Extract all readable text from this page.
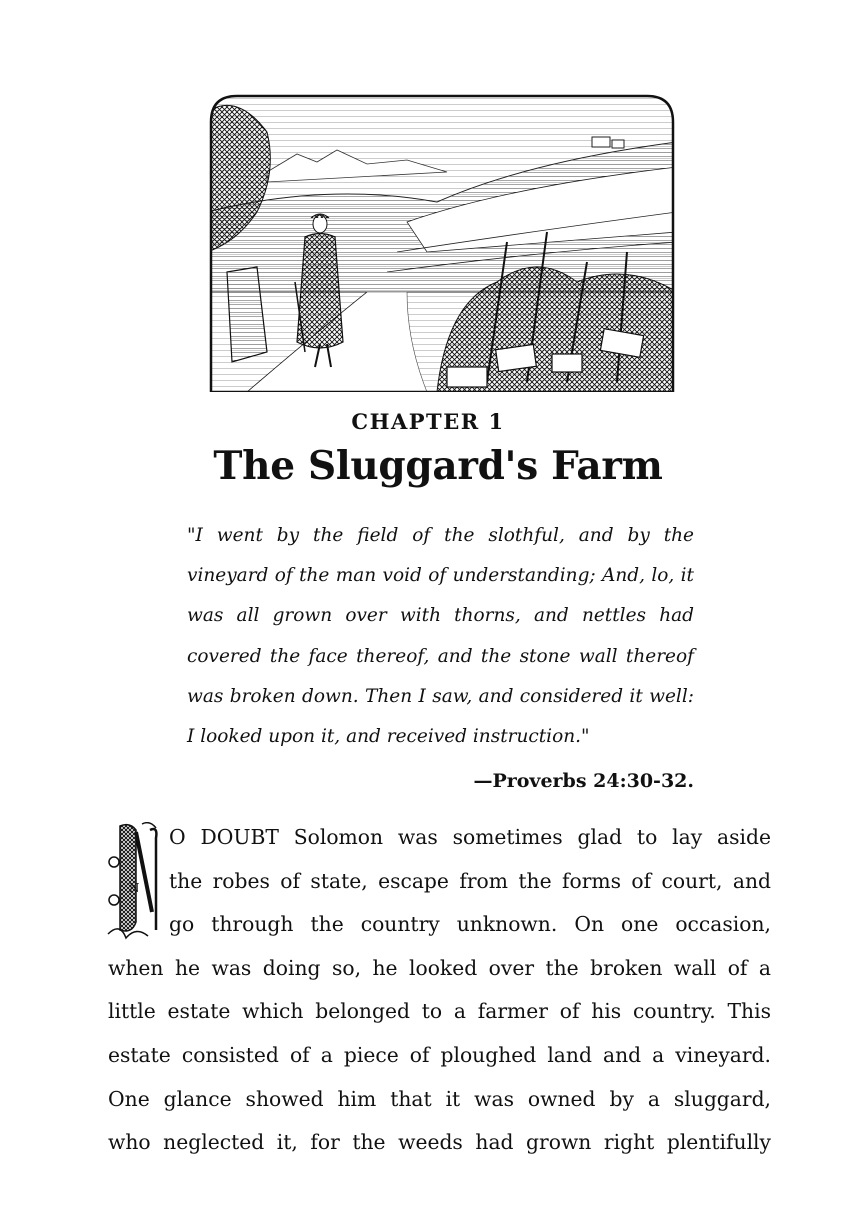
CHAPTER 1
The Sluggard's Farm

"I went by the field of the slothful, and by the vineyard of the man void of understanding; And, lo, it was all grown over with thorns, and nettles had covered the face thereof, and the stone wall thereof was broken down. Then I saw, and considered it well: I looked upon it, and received instruction."

—Proverbs 24:30-32.
N
O DOUBT Solomon was sometimes glad to lay aside
the robes of state, escape from the forms of court, and
go through the country unknown. On one occasion,
when he was doing so, he looked over the broken wall of a
little estate which belonged to a farmer of his country. This
estate consisted of a piece of ploughed land and a vineyard.
One glance showed him that it was owned by a sluggard,
who neglected it, for the weeds had grown right plentifully
